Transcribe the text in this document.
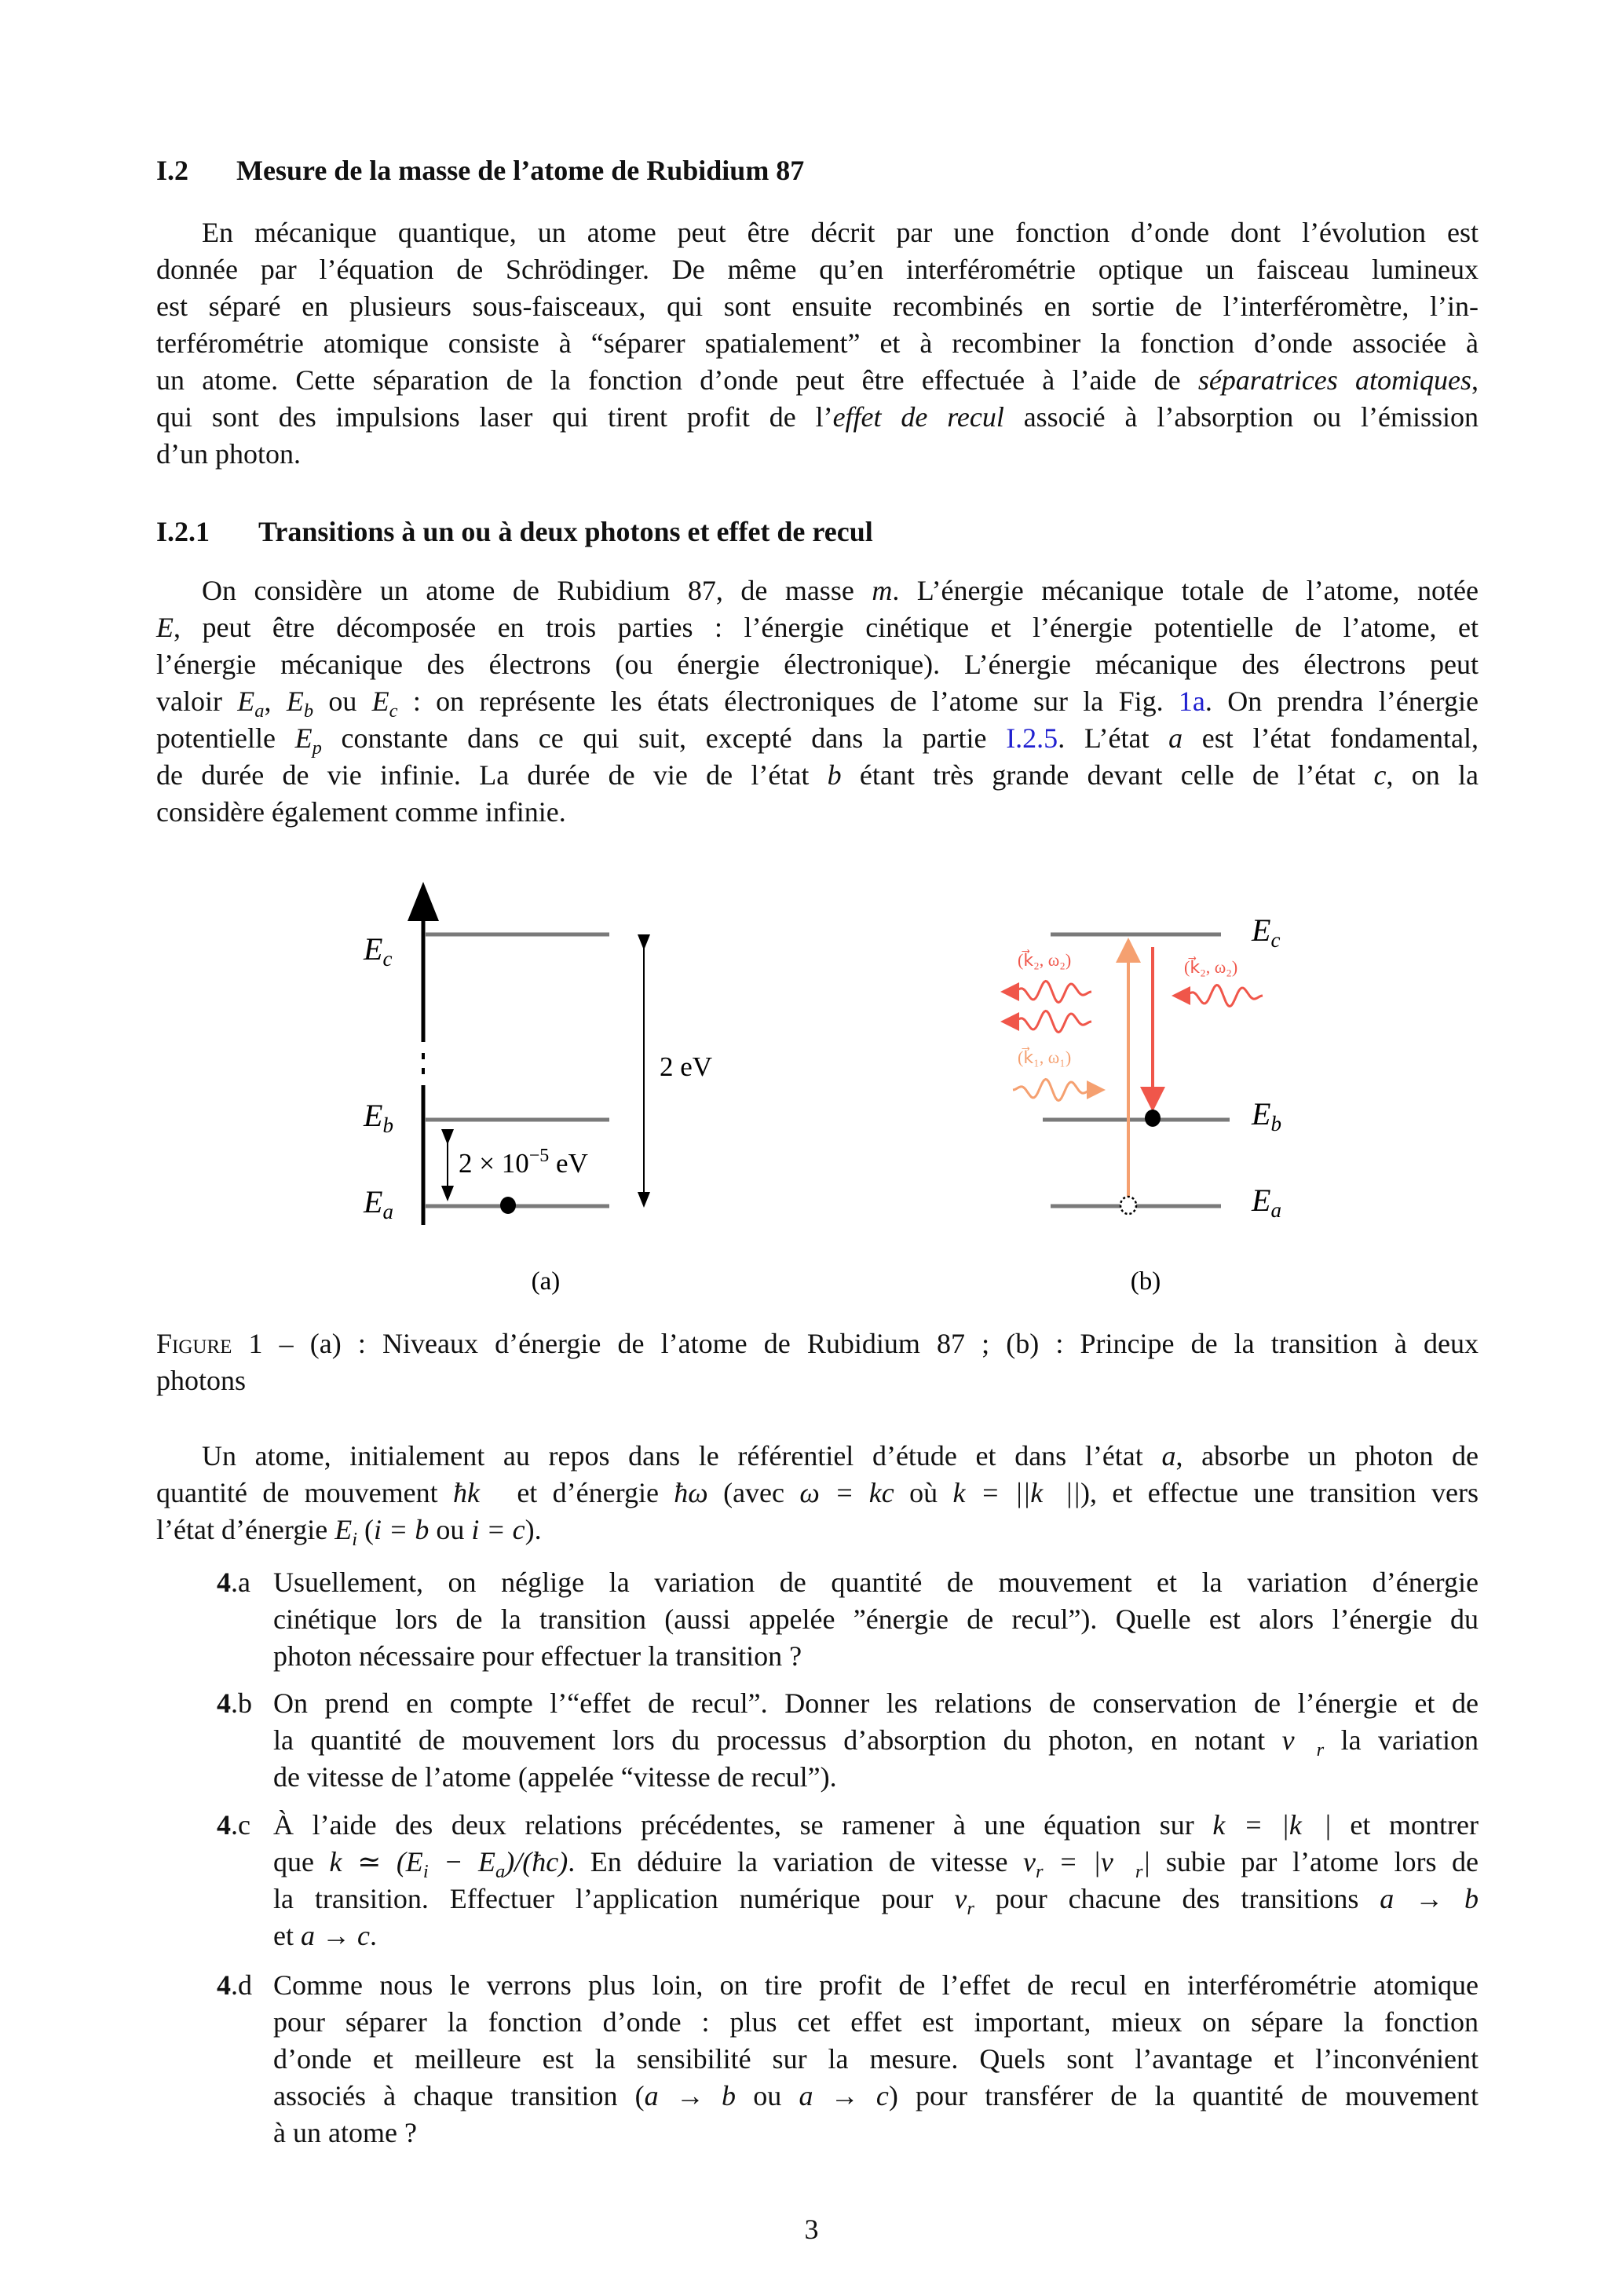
I.2 Mesure de la masse de l’atome de Rubidium 87
En mécanique quantique, un atome peut être décrit par une fonction d’onde dont l’évolution est
donnée par l’équation de Schrödinger. De même qu’en interférométrie optique un faisceau lumineux
est séparé en plusieurs sous-faisceaux, qui sont ensuite recombinés en sortie de l’interféromètre, l’in-
terférométrie atomique consiste à “séparer spatialement” et à recombiner la fonction d’onde associée à
un atome. Cette séparation de la fonction d’onde peut être effectuée à l’aide de séparatrices atomiques,
qui sont des impulsions laser qui tirent profit de l’effet de recul associé à l’absorption ou l’émission
d’un photon.
I.2.1 Transitions à un ou à deux photons et effet de recul
On considère un atome de Rubidium 87, de masse m. L’énergie mécanique totale de l’atome, notée
E, peut être décomposée en trois parties : l’énergie cinétique et l’énergie potentielle de l’atome, et
l’énergie mécanique des électrons (ou énergie électronique). L’énergie mécanique des électrons peut
valoir $E_a$, $E_b$ ou $E_c$ : on représente les états électroniques de l’atome sur la Fig. 1a. On prendra l’énergie
potentielle $E_p$ constante dans ce qui suit, excepté dans la partie I.2.5. L’état a est l’état fondamental,
de durée de vie infinie. La durée de vie de l’état b étant très grande devant celle de l’état c, on la
considère également comme infinie.
$E_c$
$E_b$
$E_a$
2 eV
$2 \times 10^{-5}$ eV
(a)
(k⃗₂, ω₂)	(k⃗₂, ω₂)
(k⃗₁, ω₁)
$E_c$
$E_b$
$E_a$
(b)
Figure 1 – (a) : Niveaux d’énergie de l’atome de Rubidium 87 ; (b) : Principe de la transition à deux
photons
Un atome, initialement au repos dans le référentiel d’étude et dans l’état a, absorbe un photon de
quantité de mouvement ħk⃗ et d’énergie ħω (avec ω = kc où k = ||k⃗||), et effectue une transition vers
l’état d’énergie $E_i$ (i = b ou i = c).
4.a Usuellement, on néglige la variation de quantité de mouvement et la variation d’énergie
cinétique lors de la transition (aussi appelée ”énergie de recul”). Quelle est alors l’énergie du
photon nécessaire pour effectuer la transition ?
4.b On prend en compte l’“effet de recul”. Donner les relations de conservation de l’énergie et de
la quantité de mouvement lors du processus d’absorption du photon, en notant $v⃗_r$ la variation
de vitesse de l’atome (appelée “vitesse de recul”).
4.c À l’aide des deux relations précédentes, se ramener à une équation sur k = |k⃗| et montrer
que k ≃ ($E_i$ − $E_a)/(ħc)$. En déduire la variation de vitesse $v_r$ = $|v⃗_r|$ subie par l’atome lors de
la transition. Effectuer l’application numérique pour $v_r$ pour chacune des transitions a → b
et a → c.
4.d Comme nous le verrons plus loin, on tire profit de l’effet de recul en interférométrie atomique
pour séparer la fonction d’onde : plus cet effet est important, mieux on sépare la fonction
d’onde et meilleure est la sensibilité sur la mesure. Quels sont l’avantage et l’inconvénient
associés à chaque transition (a → b ou a → c) pour transférer de la quantité de mouvement
à un atome ?
3
